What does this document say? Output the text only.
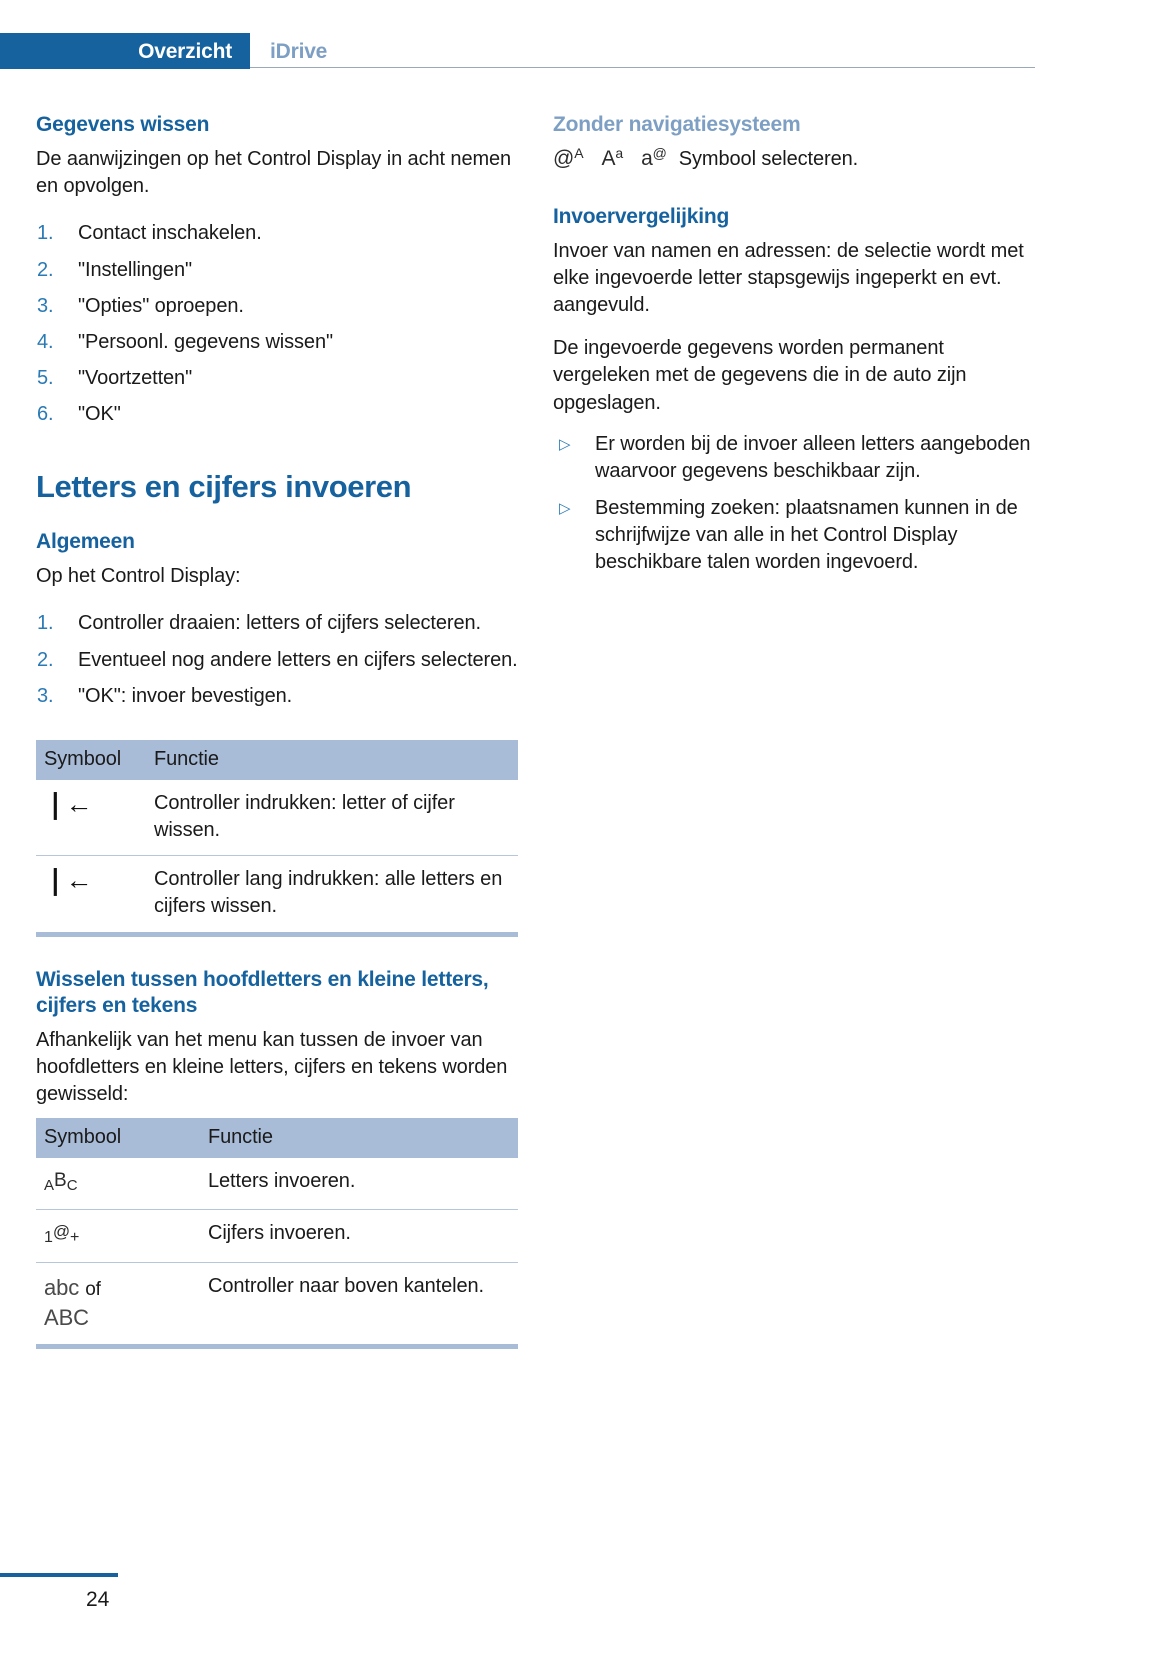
Overzicht iDrive
Gegevens wissen

De aanwijzingen op het Control Display in acht nemen en opvolgen.

1. Contact inschakelen.
2. "Instellingen"
3. "Opties" oproepen.
4. "Persoonl. gegevens wissen"
5. "Voortzetten"
6. "OK"
Letters en cijfers invoeren
Algemeen

Op het Control Display:

1. Controller draaien: letters of cijfers selecteren.
2. Eventueel nog andere letters en cijfers selecteren.
3. "OK": invoer bevestigen.
Symbool	Functie
❘←	Controller indrukken: letter of cijfer wissen.
❘←	Controller lang indrukken: alle letters en cijfers wissen.

Wisselen tussen hoofdletters en kleine letters, cijfers en tekens

Afhankelijk van het menu kan tussen de invoer van hoofdletters en kleine letters, cijfers en tekens worden gewisseld:

Symbool	Functie
ABC	Letters invoeren.
1@+	Cijfers invoeren.

abc of
ABC	Controller naar boven kantelen.

Zonder navigatiesysteem
@$^A$ $A^a$ a@ Symbool selecteren.
Invoervergelijking

Invoer van namen en adressen: de selectie wordt met elke ingevoerde letter stapsgewijs ingeperkt en evt. aangevuld.

De ingevoerde gegevens worden permanent vergeleken met de gegevens die in de auto zijn opgeslagen.

▷ Er worden bij de invoer alleen letters aangeboden waarvoor gegevens beschikbaar zijn.
▷ Bestemming zoeken: plaatsnamen kunnen in de schrijfwijze van alle in het Control Display beschikbare talen worden ingevoerd.
24
